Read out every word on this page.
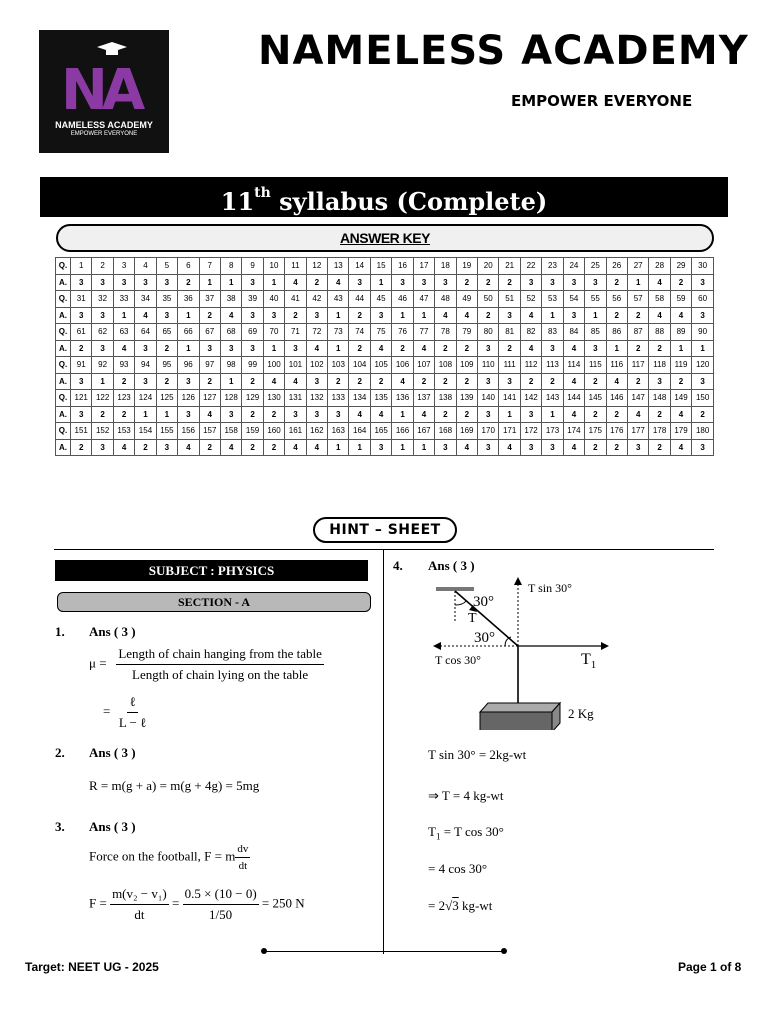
NA
NAMELESS ACADEMY
EMPOWER EVERYONE
NAMELESS ACADEMY
EMPOWER EVERYONE
11th syllabus (Complete)
ANSWER KEY
Q.	1	2	3	4	5	6	7	8	9	10	11	12	13	14	15	16	17	18	19	20	21	22	23	24	25	26	27	28	29	30
A.	3	3	3	3	3	2	1	1	3	1	4	2	4	3	1	3	3	3	2	2	2	3	3	3	3	2	1	4	2	3
Q.	31	32	33	34	35	36	37	38	39	40	41	42	43	44	45	46	47	48	49	50	51	52	53	54	55	56	57	58	59	60
A.	3	3	1	4	3	1	2	4	3	3	2	3	1	2	3	1	1	4	4	2	3	4	1	3	1	2	2	4	4	3
Q.	61	62	63	64	65	66	67	68	69	70	71	72	73	74	75	76	77	78	79	80	81	82	83	84	85	86	87	88	89	90
A.	2	3	4	3	2	1	3	3	3	1	3	4	1	2	4	2	4	2	2	3	2	4	3	4	3	1	2	2	1	1
Q.	91	92	93	94	95	96	97	98	99	100	101	102	103	104	105	106	107	108	109	110	111	112	113	114	115	116	117	118	119	120
A.	3	1	2	3	2	3	2	1	2	4	4	3	2	2	2	4	2	2	2	3	3	2	2	4	2	4	2	3	2	3
Q.	121	122	123	124	125	126	127	128	129	130	131	132	133	134	135	136	137	138	139	140	141	142	143	144	145	146	147	148	149	150
A.	3	2	2	1	1	3	4	3	2	2	3	3	3	4	4	1	4	2	2	3	1	3	1	4	2	2	4	2	4	2
Q.	151	152	153	154	155	156	157	158	159	160	161	162	163	164	165	166	167	168	169	170	171	172	173	174	175	176	177	178	179	180
A.	2	3	4	2	3	4	2	4	2	2	4	4	1	1	3	1	1	3	4	3	4	3	3	4	2	2	3	2	4	3
HINT – SHEET
SUBJECT : PHYSICS
SECTION - A
1. Ans ( 3 )
$\mu = \frac{\text{Length of chain hanging from the table}}{\text{Length of chain lying on the table}}$
= $\frac{\text{ℓ}}{\text{L − ℓ}}$
2. Ans ( 3 )
R = m(g + a) = m(g + 4g) = 5mg
3. Ans ( 3 )
Force on the football, F = m $\frac{dv}{dt}$
$F = \frac{\text{m(v₂ − v₁)}}{dt} = \frac{0.5 \times (10 - 0)}{1/50} = 250$ N
4. Ans ( 3 )
T sin 30°
30°
T
30°
T cos 30°	$T_1$
2 Kg
T sin 30° = 2kg-wt
⇒ T = 4 kg-wt
$T_1 = T$ cos 30°
= 4 cos 30°
= 2√3 kg-wt
Target: NEET UG - 2025	Page 1 of 8
